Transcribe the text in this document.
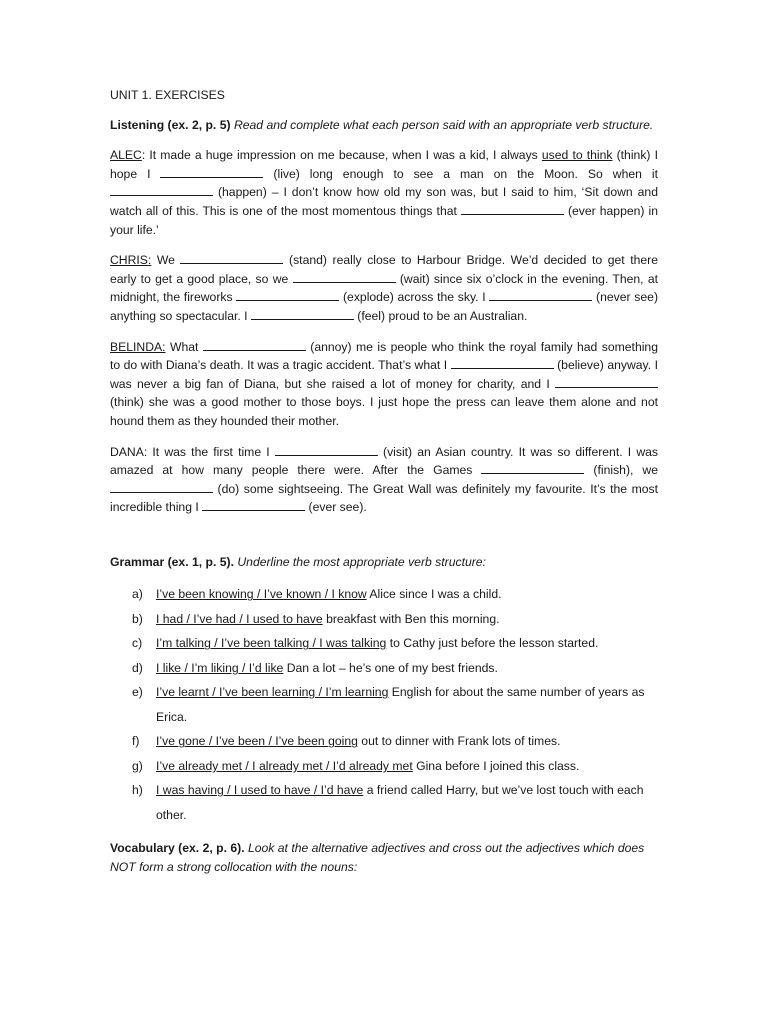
UNIT 1. EXERCISES
Listening (ex. 2, p. 5) Read and complete what each person said with an appropriate verb structure.

ALEC: It made a huge impression on me because, when I was a kid, I always used to think (think) I hope I	(live) long enough to see a man on the Moon. So when it  (happen) – I don’t know how old my son was, but I said to him, ‘Sit down and watch all of this. This is one of the most momentous things that	(ever happen) in your life.’

CHRIS: We	(stand) really close to Harbour Bridge. We’d decided to get there early to get a good place, so we	(wait) since six o’clock in the evening. Then, at midnight, the fireworks	(explode) across the sky. I	(never see) anything so spectacular. I	(feel) proud to be an Australian.

BELINDA: What	(annoy) me is people who think the royal family had something to do with Diana’s death. It was a tragic accident. That’s what I	(believe) anyway. I was never a big fan of Diana, but she raised a lot of money for charity, and I  (think) she was a good mother to those boys. I just hope the press can leave them alone and not hound them as they hounded their mother.

DANA: It was the first time I	(visit) an Asian country. It was so different. I was amazed at how many people there were. After the Games	(finish), we  (do) some sightseeing. The Great Wall was definitely my favourite. It’s the most incredible thing I	(ever see).

Grammar (ex. 1, p. 5). Underline the most appropriate verb structure:
a) I’ve been knowing / I’ve known / I know Alice since I was a child.
b) I had / I’ve had / I used to have breakfast with Ben this morning.
c) I’m talking / I’ve been talking / I was talking to Cathy just before the lesson started.
d) I like / I’m liking / I’d like Dan a lot – he’s one of my best friends.
e) I’ve learnt / I’ve been learning / I’m learning English for about the same number of years as Erica.
f) I’ve gone / I’ve been / I’ve been going out to dinner with Frank lots of times.
g) I’ve already met / I already met / I’d already met Gina before I joined this class.
h) I was having / I used to have / I’d have a friend called Harry, but we’ve lost touch with each other.
Vocabulary (ex. 2, p. 6). Look at the alternative adjectives and cross out the adjectives which does NOT form a strong collocation with the nouns:
